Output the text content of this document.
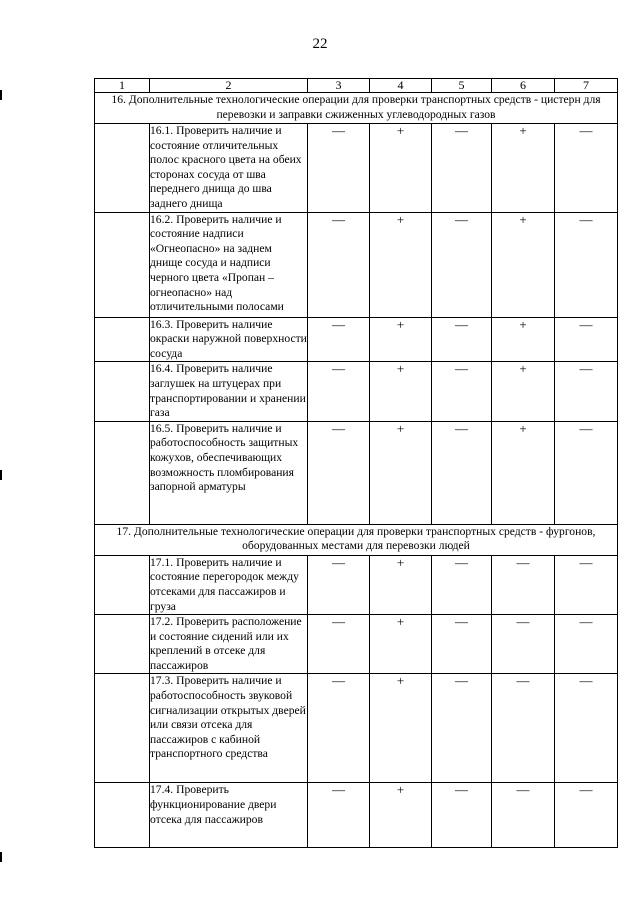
22
1	2	3	4	5	6	7
16. Дополнительные технологические операции для проверки транспортных средств - цистерн для перевозки и заправки сжиженных углеводородных газов						
	16.1. Проверить наличие и состояние отличительных полос красного цвета на обеих сторонах сосуда от шва переднего днища до шва заднего днища	—	+	—	+	—
	16.2. Проверить наличие и состояние надписи «Огнеопасно» на заднем днище сосуда и надписи черного цвета «Пропан – огнеопасно» над отличительными полосами	—	+	—	+	—
	16.3. Проверить наличие окраски наружной поверхности сосуда	—	+	—	+	—
	16.4. Проверить наличие заглушек на штуцерах при транспортировании и хранении газа	—	+	—	+	—
	16.5. Проверить наличие и работоспособность защитных кожухов, обеспечивающих возможность пломбирования запорной арматуры	—	+	—	+	—
17. Дополнительные технологические операции для проверки транспортных средств - фургонов, оборудованных местами для перевозки людей						
	17.1. Проверить наличие и состояние перегородок между отсеками для пассажиров и груза	—	+	—	—	—
	17.2. Проверить расположение и состояние сидений или их креплений в отсеке для пассажиров	—	+	—	—	—
	17.3. Проверить наличие и работоспособность звуковой сигнализации открытых дверей или связи отсека для пассажиров с кабиной транспортного средства	—	+	—	—	—
	17.4. Проверить функционирование двери отсека для пассажиров	—	+	—	—	—
